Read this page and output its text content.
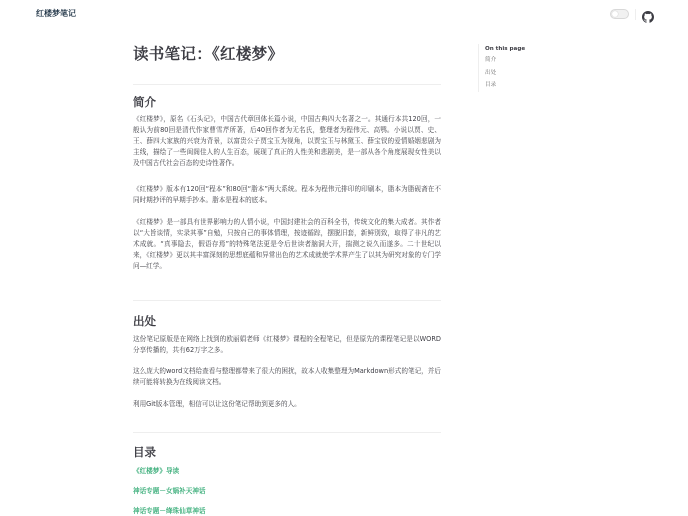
红楼梦笔记
读书笔记：《红楼梦》
简介

《红楼梦》，原名《石头记》，中国古代章回体长篇小说，中国古典四大名著之一。其通行本共120回，一般认为前80回是清代作家曹雪芹所著，后40回作者为无名氏，整理者为程伟元、高鹗。小说以贾、史、王、薛四大家族的兴衰为背景，以富贵公子贾宝玉为视角，以贾宝玉与林黛玉、薛宝钗的爱情婚姻悲剧为主线，描绘了一些闺阁佳人的人生百态，展现了真正的人性美和悲剧美，是一部从各个角度展现女性美以及中国古代社会百态的史诗性著作。

《红楼梦》版本有120回“程本”和80回“脂本”两大系统。程本为程伟元排印的印刷本，脂本为脂砚斋在不同时期抄评的早期手抄本。脂本是程本的底本。

《红楼梦》是一部具有世界影响力的人情小说，中国封建社会的百科全书，传统文化的集大成者。其作者以“大旨谈情，实录其事”自勉，只按自己的事体情理，按迹循踪，摆脱旧套，新鲜别致，取得了非凡的艺术成就。“真事隐去，假语存焉”的特殊笔法更是令后世读者脑洞大开，揣测之说久而遂多。二十世纪以来，《红楼梦》更以其丰富深刻的思想底蕴和异常出色的艺术成就使学术界产生了以其为研究对象的专门学问—红学。

出处

这份笔记原版是在网络上找到的欧丽娟老师《红楼梦》课程的全程笔记，但是原先的课程笔记是以WORD分享传播的，共有62万字之多。

这么庞大的word文档给查看与整理都带来了很大的困扰，故本人收集整理为Markdown形式的笔记，并后续可能将转换为在线阅读文档。

利用Git版本管理，相信可以让这份笔记帮助到更多的人。

目录
《红楼梦》导读
神话专题－女娲补天神话
神话专题－绛珠仙草神话
On this page
简介
出处
目录
